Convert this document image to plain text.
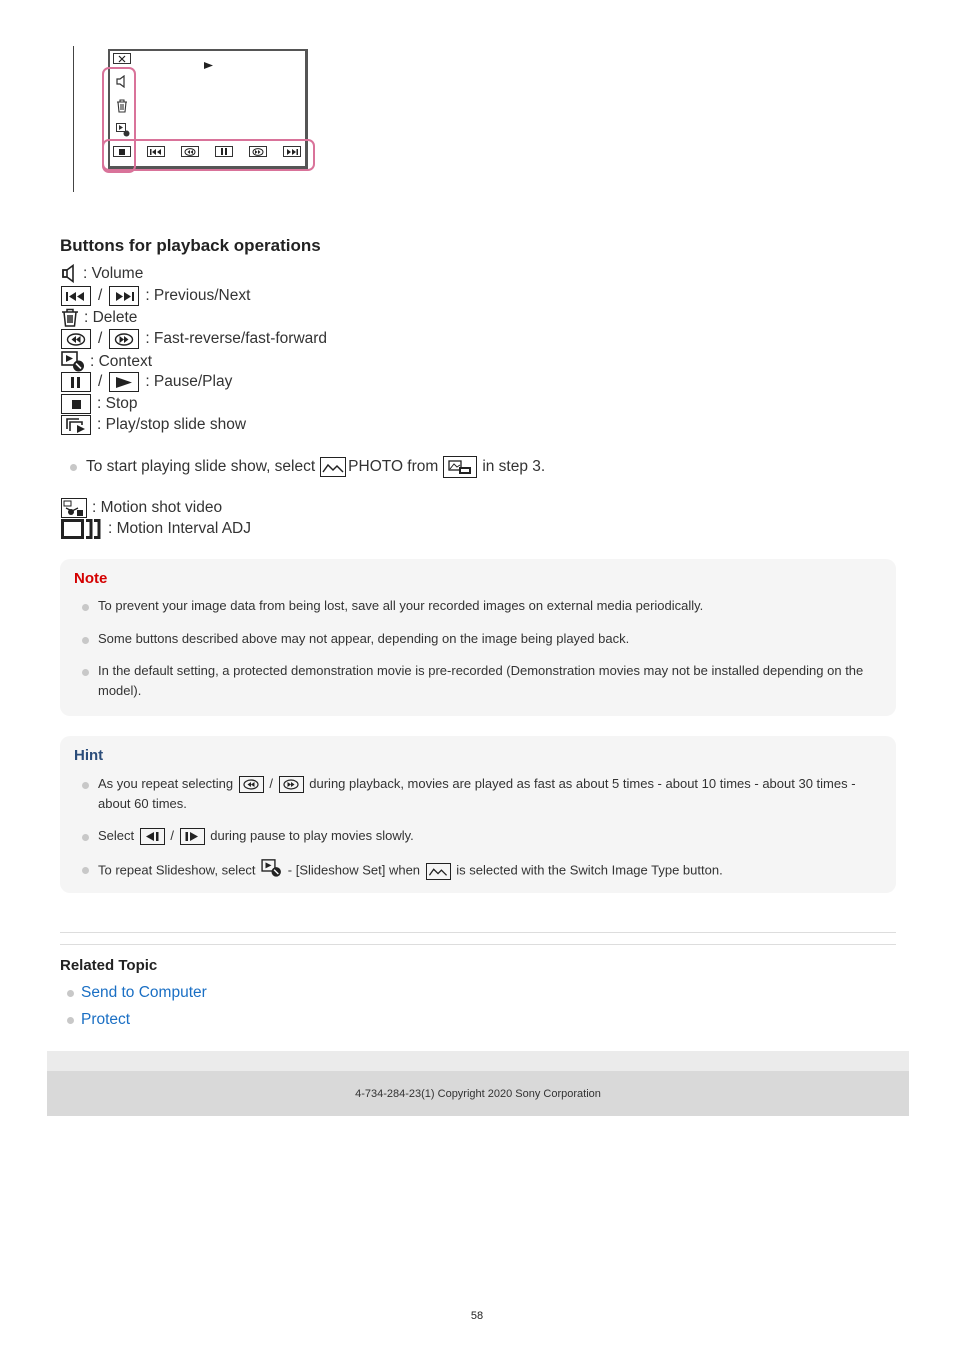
Buttons for playback operations
: Volume
/	: Previous/Next
: Delete
/	: Fast-reverse/fast-forward
: Context
/	: Pause/Play
: Stop
: Play/stop slide show
To start playing slide show, select PHOTO from	in step 3.
: Motion shot video
: Motion Interval ADJ
Note
To prevent your image data from being lost, save all your recorded images on external media periodically.
Some buttons described above may not appear, depending on the image being played back.
In the default setting, a protected demonstration movie is pre-recorded (Demonstration movies may not be installed depending on the model).
Hint
As you repeat selecting	/	during playback, movies are played as fast as about 5 times - about 10 times - about 30 times - about 60 times.
Select	/	during pause to play movies slowly.
To repeat Slideshow, select - [Slideshow Set] when	is selected with the Switch Image Type button.
Related Topic
Send to Computer
Protect
4-734-284-23(1) Copyright 2020 Sony Corporation
58
